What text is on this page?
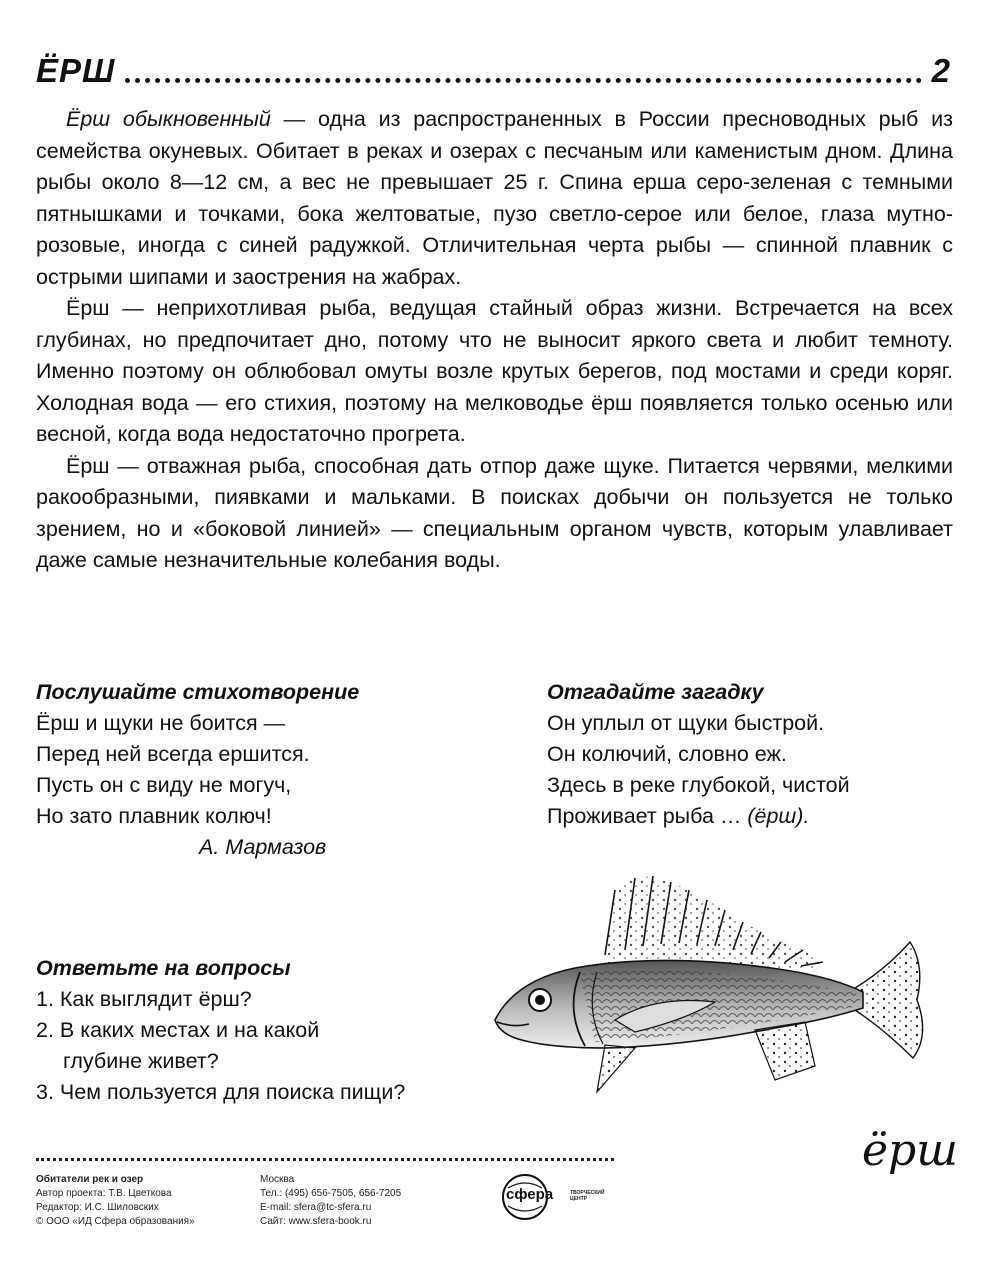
ЁРШ	2

Ёрш обыкновенный — одна из распространенных в России пресноводных рыб из семейства окуневых. Обитает в реках и озерах с песчаным или каменистым дном. Длина рыбы около 8—12 см, а вес не превышает 25 г. Спина ерша серо-зеленая с темными пятнышками и точками, бока желтоватые, пузо светло-серое или белое, глаза мутно-розовые, иногда с синей радужкой. Отличительная черта рыбы — спинной плавник с острыми шипами и заострения на жабрах.

Ёрш — неприхотливая рыба, ведущая стайный образ жизни. Встречается на всех глубинах, но предпочитает дно, потому что не выносит яркого света и любит темноту. Именно поэтому он облюбовал омуты возле крутых берегов, под мостами и среди коряг. Холодная вода — его стихия, поэтому на мелководье ёрш появляется только осенью или весной, когда вода недостаточно прогрета.

Ёрш — отважная рыба, способная дать отпор даже щуке. Питается червями, мелкими ракообразными, пиявками и мальками. В поисках добычи он пользуется не только зрением, но и «боковой линией» — специальным органом чувств, которым улавливает даже самые незначительные колебания воды.

Послушайте стихотворение
Ёрш и щуки не боится —
Перед ней всегда ершится.
Пусть он с виду не могуч,
Но зато плавник колюч!
А. Мармазов
Отгадайте загадку
Он уплыл от щуки быстрой.
Он колючий, словно еж.
Здесь в реке глубокой, чистой
Проживает рыба … (ёрш).
Ответьте на вопросы
1. Как выглядит ёрш?
2. В каких местах и на какой
глубине живет?
3. Чем пользуется для поиска пищи?
ёрш
Обитатели рек и озер
Автор проекта: Т.В. Цветкова
Редактор: И.С. Шиловских
© ООО «ИД Сфера образования»
Москва
Тел.: (495) 656-7505, 656-7205
E-mail: sfera@tc-sfera.ru
Сайт: www.sfera-book.ru
сфера	ТВОРЧЕСКИЙ
ЦЕНТР
